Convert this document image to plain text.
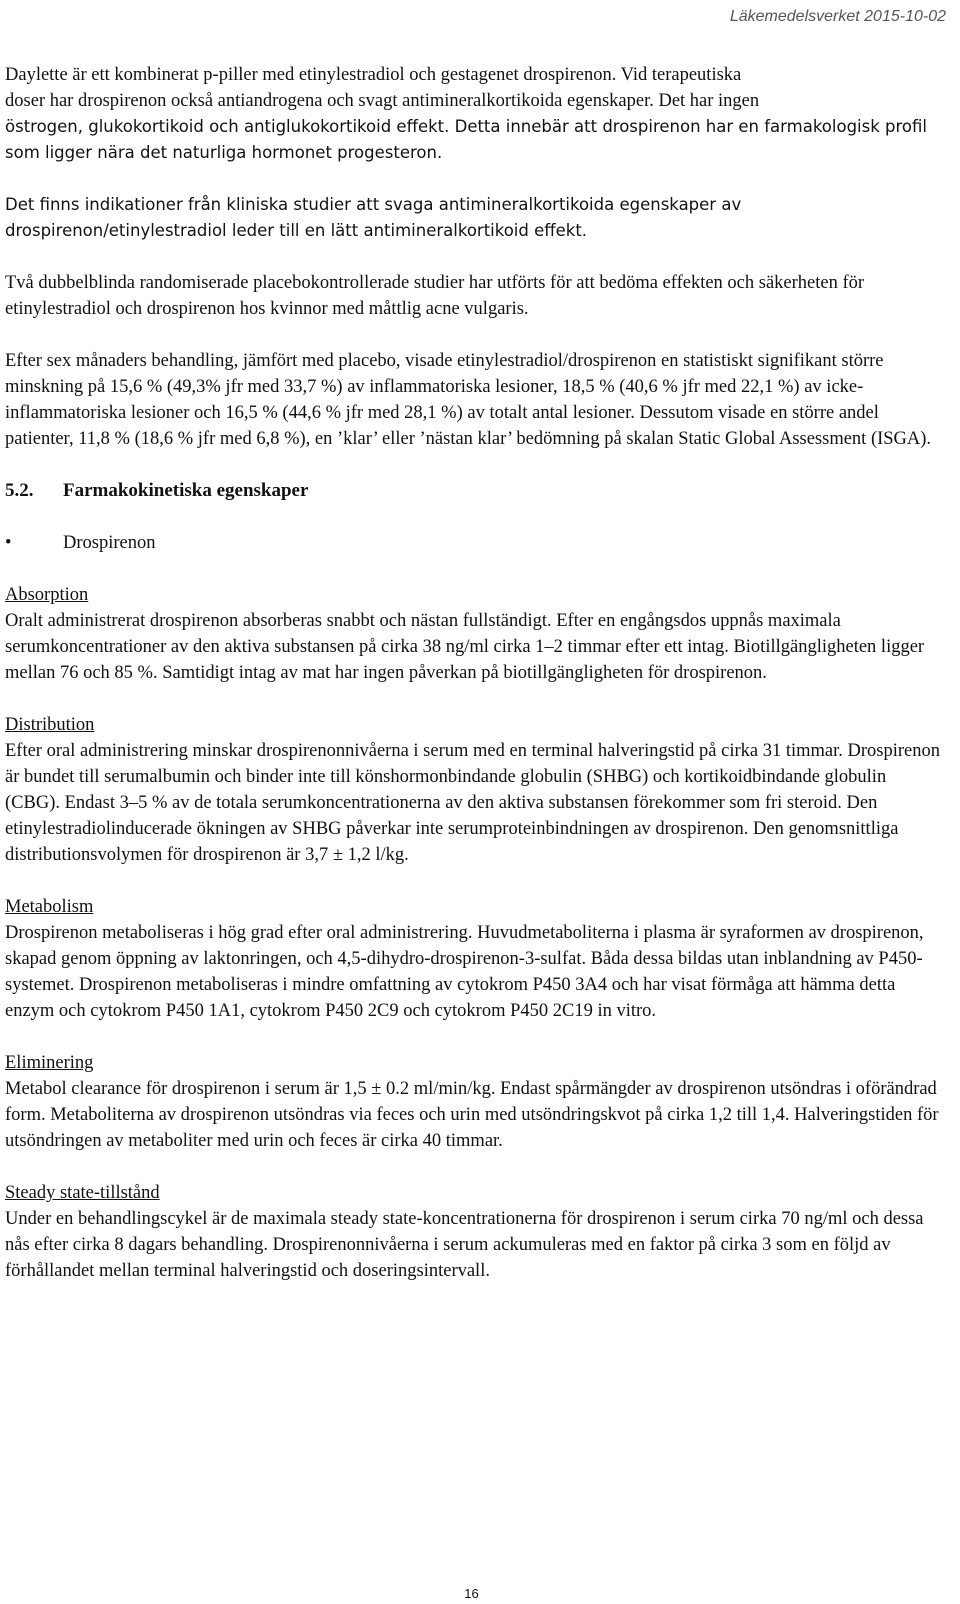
Läkemedelsverket 2015-10-02

Daylette är ett kombinerat p-piller med etinylestradiol och gestagenet drospirenon. Vid terapeutiska

doser har drospirenon också antiandrogena och svagt antimineralkortikoida egenskaper. Det har ingen

östrogen, glukokortikoid och antiglukokortikoid effekt. Detta innebär att drospirenon har en farmakologisk profil som ligger nära det naturliga hormonet progesteron.

Det finns indikationer från kliniska studier att svaga antimineralkortikoida egenskaper av drospirenon/etinylestradiol leder till en lätt antimineralkortikoid effekt.

Två dubbelblinda randomiserade placebokontrollerade studier har utförts för att bedöma effekten och säkerheten för etinylestradiol och drospirenon hos kvinnor med måttlig acne vulgaris.

Efter sex månaders behandling, jämfört med placebo, visade etinylestradiol/drospirenon en statistiskt signifikant större minskning på 15,6 % (49,3% jfr med 33,7 %) av inflammatoriska lesioner, 18,5 % (40,6 % jfr med 22,1 %) av icke-inflammatoriska lesioner och 16,5 % (44,6 % jfr med 28,1 %) av totalt antal lesioner. Dessutom visade en större andel patienter, 11,8 % (18,6 % jfr med 6,8 %), en ’klar’ eller ’nästan klar’ bedömning på skalan Static Global Assessment (ISGA).

5.2.	Farmakokinetiska egenskaper
•	Drospirenon

Absorption

Oralt administrerat drospirenon absorberas snabbt och nästan fullständigt. Efter en engångsdos uppnås maximala serumkoncentrationer av den aktiva substansen på cirka 38 ng/ml cirka 1–2 timmar efter ett intag. Biotillgängligheten ligger mellan 76 och 85 %. Samtidigt intag av mat har ingen påverkan på biotillgängligheten för drospirenon.

Distribution

Efter oral administrering minskar drospirenonnivåerna i serum med en terminal halveringstid på cirka 31 timmar. Drospirenon är bundet till serumalbumin och binder inte till könshormonbindande globulin (SHBG) och kortikoidbindande globulin (CBG). Endast 3–5 % av de totala serumkoncentrationerna av den aktiva substansen förekommer som fri steroid. Den etinylestradiolinducerade ökningen av SHBG påverkar inte serumproteinbindningen av drospirenon. Den genomsnittliga distributionsvolymen för drospirenon är 3,7 ± 1,2 l/kg.

Metabolism

Drospirenon metaboliseras i hög grad efter oral administrering. Huvudmetaboliterna i plasma är syraformen av drospirenon, skapad genom öppning av laktonringen, och 4,5-dihydro-drospirenon-3-sulfat. Båda dessa bildas utan inblandning av P450-systemet. Drospirenon metaboliseras i mindre omfattning av cytokrom P450 3A4 och har visat förmåga att hämma detta enzym och cytokrom P450 1A1, cytokrom P450 2C9 och cytokrom P450 2C19 in vitro.

Eliminering

Metabol clearance för drospirenon i serum är 1,5 ± 0.2 ml/min/kg. Endast spårmängder av drospirenon utsöndras i oförändrad form. Metaboliterna av drospirenon utsöndras via feces och urin med utsöndringskvot på cirka 1,2 till 1,4. Halveringstiden för utsöndringen av metaboliter med urin och feces är cirka 40 timmar.

Steady state-tillstånd

Under en behandlingscykel är de maximala steady state-koncentrationerna för drospirenon i serum cirka 70 ng/ml och dessa nås efter cirka 8 dagars behandling. Drospirenonnivåerna i serum ackumuleras med en faktor på cirka 3 som en följd av förhållandet mellan terminal halveringstid och doseringsintervall.

16
